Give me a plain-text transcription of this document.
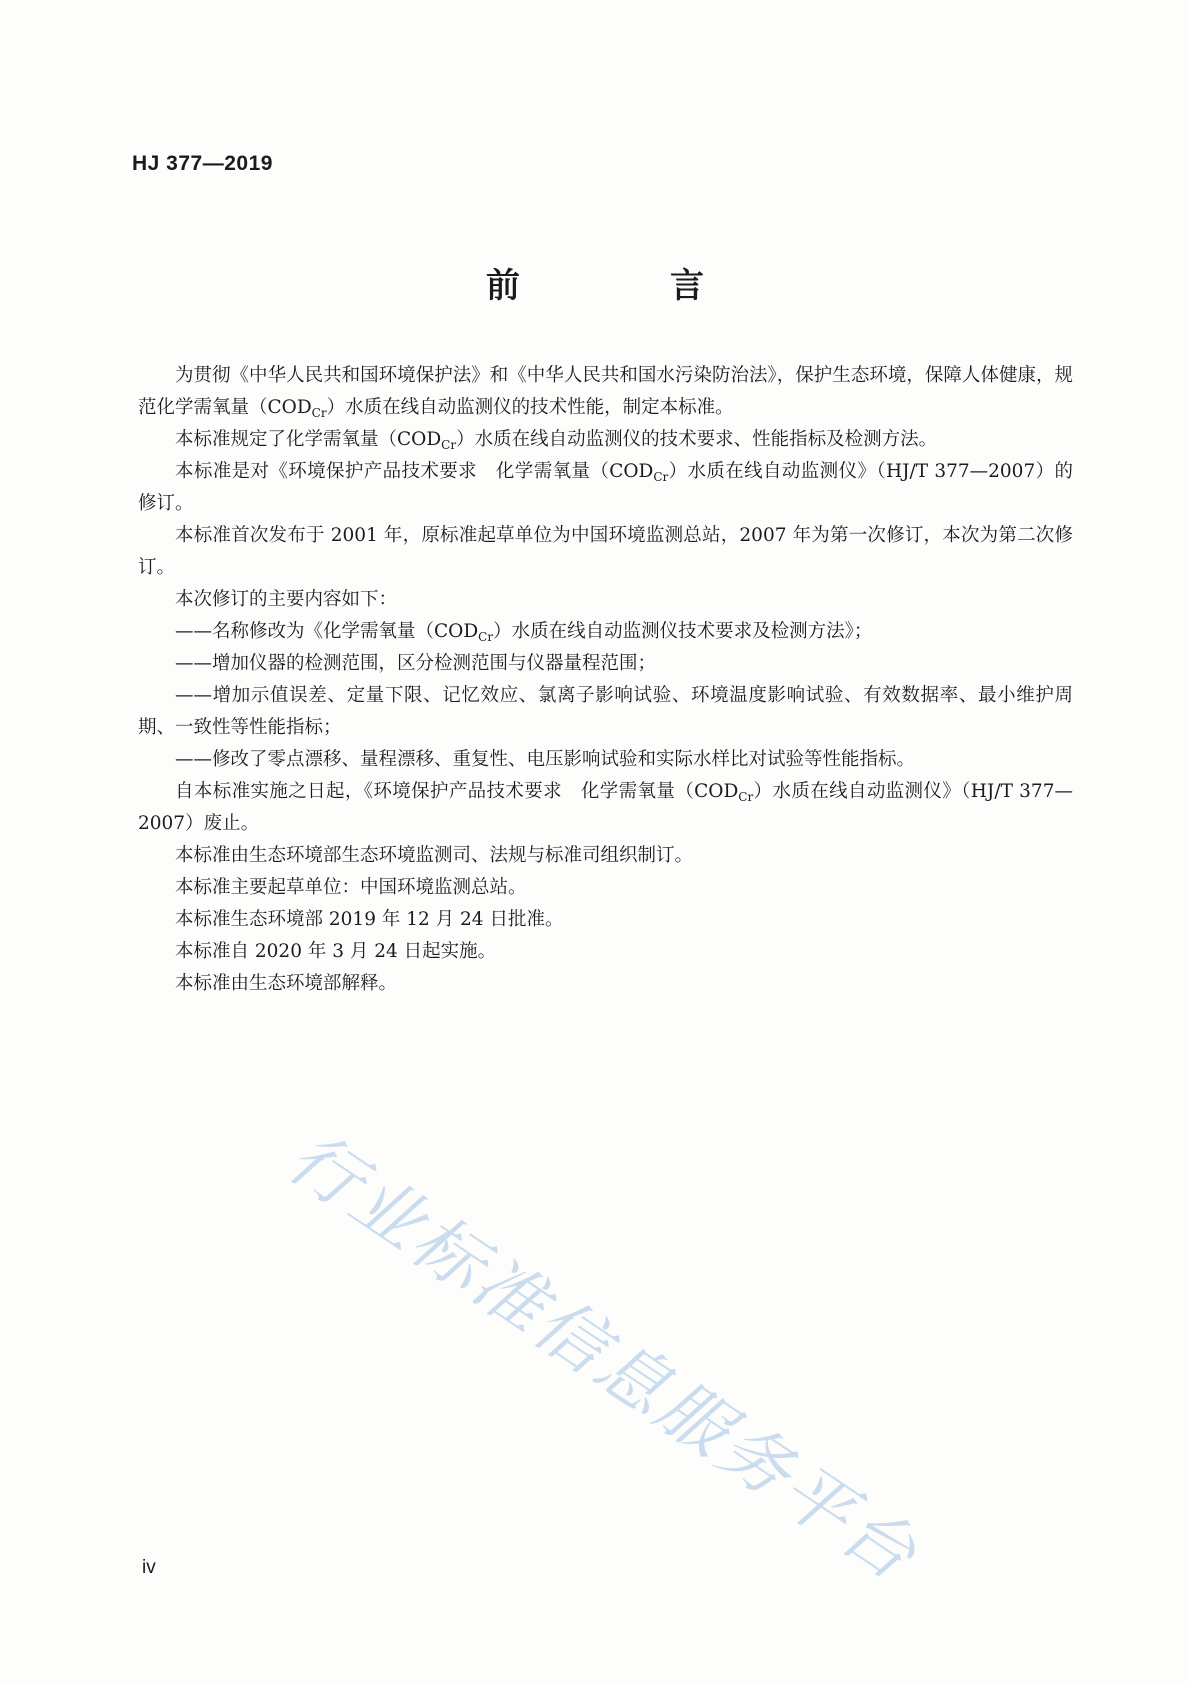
HJ 377—2019
前　言

为贯彻《中华人民共和国环境保护法》和《中华人民共和国水污染防治法》，保护生态环境，保障人体健康，规范化学需氧量$(COD_{Cr})$水质在线自动监测仪的技术性能，制定本标准。

本标准规定了化学需氧量$(COD_{Cr})$水质在线自动监测仪的技术要求、性能指标及检测方法。

本标准是对《环境保护产品技术要求　化学需氧量$(COD_{Cr})$水质在线自动监测仪》（HJ/T 377—2007）的修订。

本标准首次发布于 2001 年，原标准起草单位为中国环境监测总站，2007 年为第一次修订，本次为第二次修订。

本次修订的主要内容如下：

——名称修改为《化学需氧量$(COD_{Cr})$水质在线自动监测仪技术要求及检测方法》；

——增加仪器的检测范围，区分检测范围与仪器量程范围；

——增加示值误差、定量下限、记忆效应、氯离子影响试验、环境温度影响试验、有效数据率、最小维护周期、一致性等性能指标；

——修改了零点漂移、量程漂移、重复性、电压影响试验和实际水样比对试验等性能指标。

自本标准实施之日起，《环境保护产品技术要求　化学需氧量$(COD_{Cr})$水质在线自动监测仪》（HJ/T 377—2007）废止。

本标准由生态环境部生态环境监测司、法规与标准司组织制订。

本标准主要起草单位：中国环境监测总站。

本标准生态环境部 2019 年 12 月 24 日批准。

本标准自 2020 年 3 月 24 日起实施。

本标准由生态环境部解释。

行业标准信息服务平台
iv
